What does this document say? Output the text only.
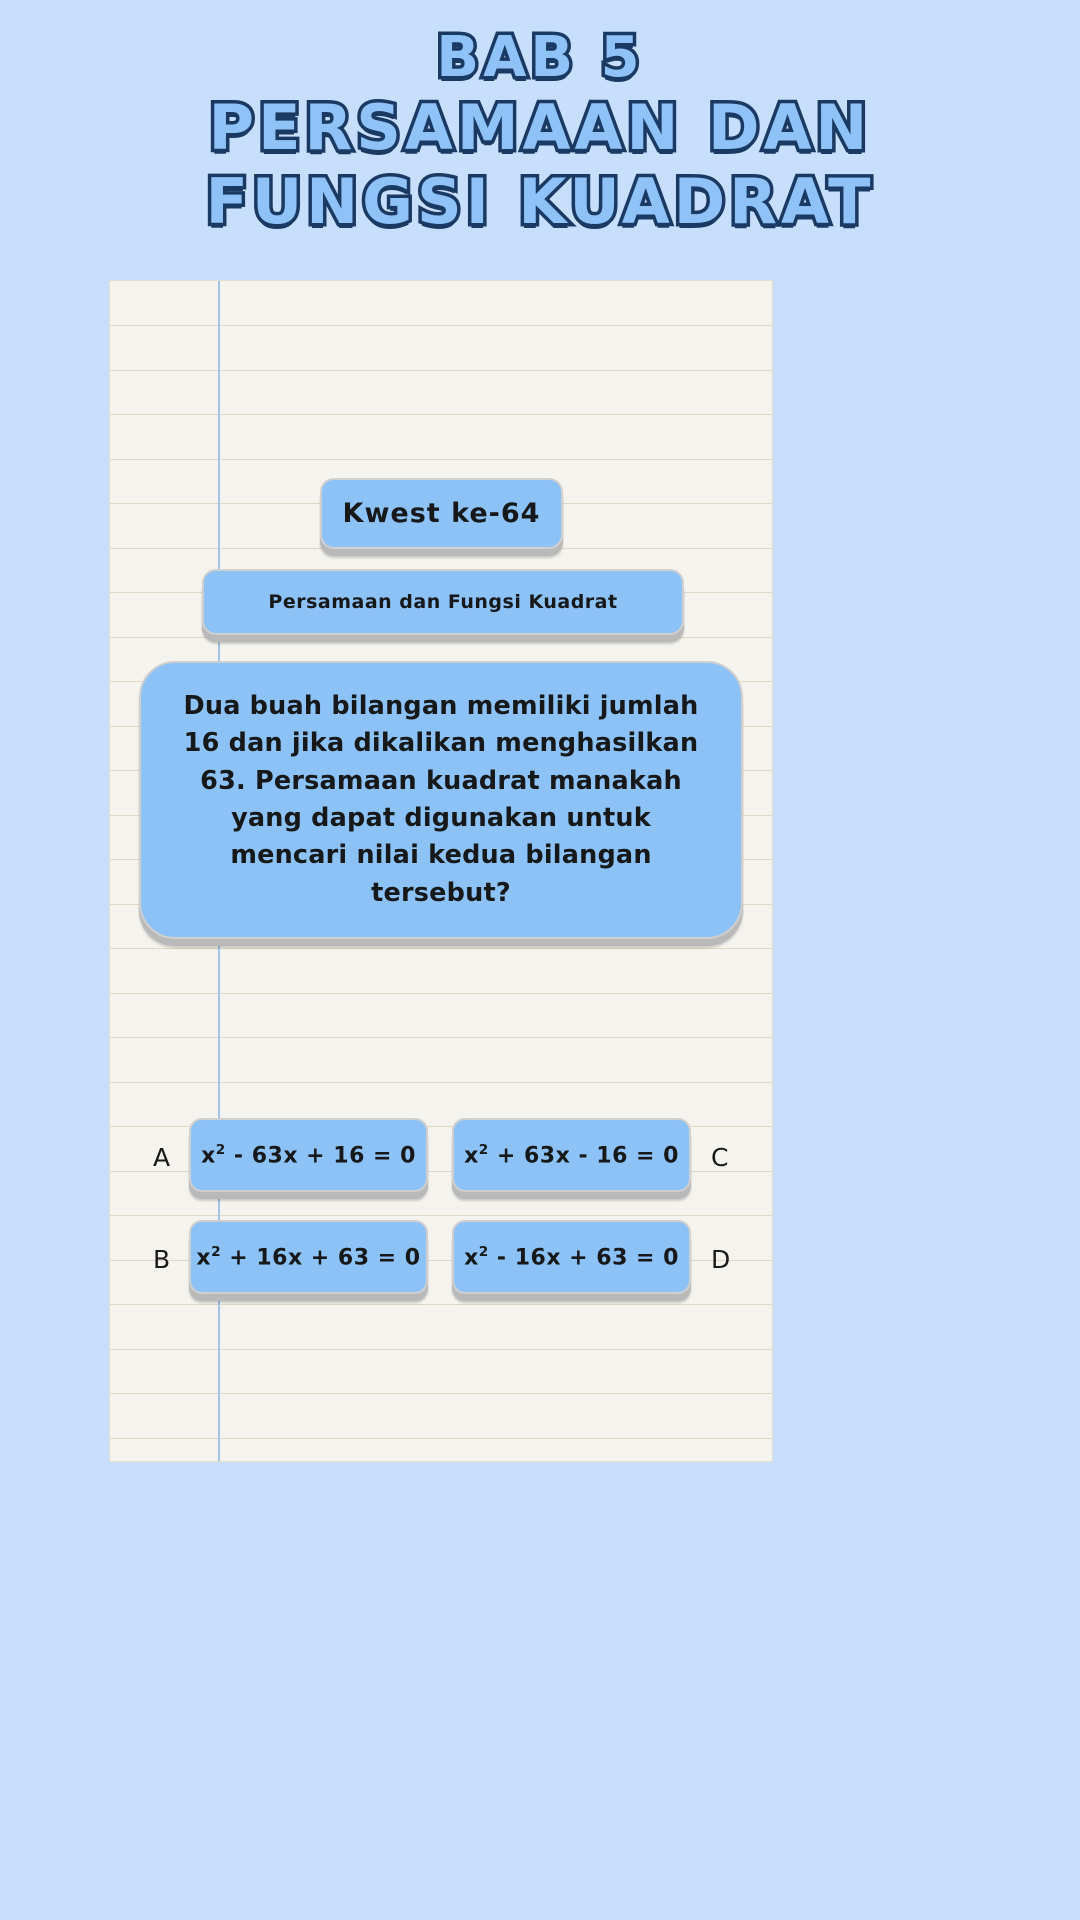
BAB 5
PERSAMAAN DAN
FUNGSI KUADRAT
Kwest ke-64
Persamaan dan Fungsi Kuadrat
Dua buah bilangan memiliki jumlah 16 dan jika dikalikan menghasilkan 63. Persamaan kuadrat manakah yang dapat digunakan untuk mencari nilai kedua bilangan tersebut?
A $x^2 - 63x + 16 = 0$	C
$x^2 + 63x - 16 = 0$
B $x^2 + 16x + 63 = 0$	D
$x^2 - 16x + 63 = 0$
